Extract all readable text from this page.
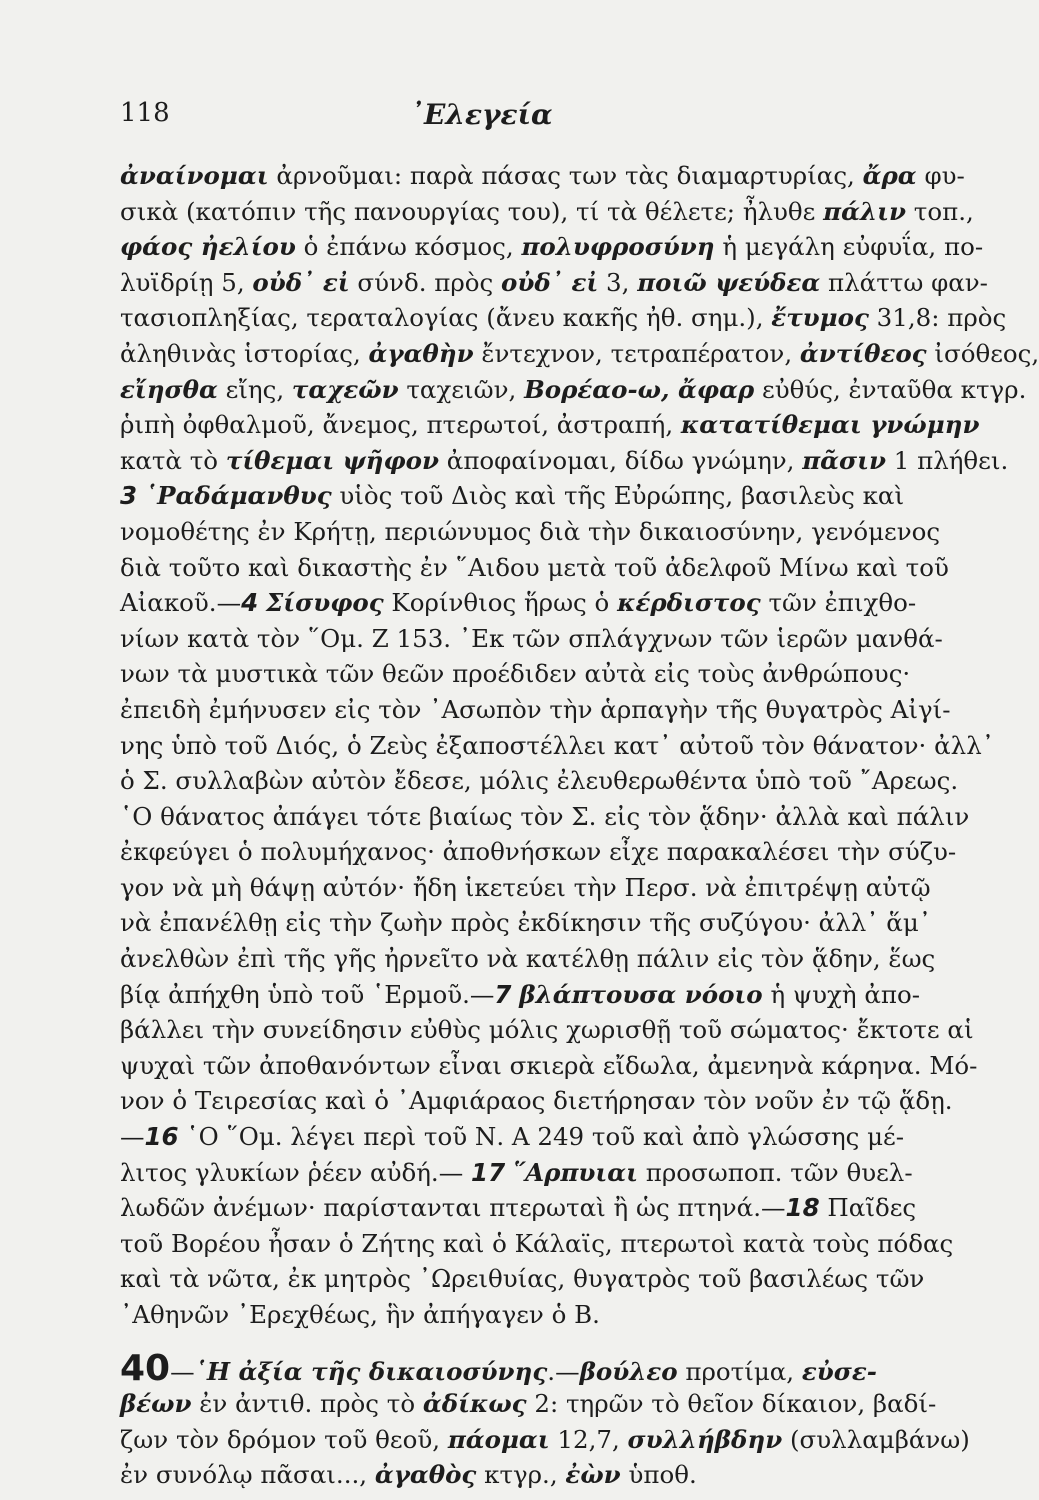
118	᾿Ελεγεία
ἀναίνομαι ἀρνοῦμαι: παρὰ πάσας των τὰς διαμαρτυρίας, ἄρα φυ-
σικὰ (κατόπιν τῆς πανουργίας του), τί τὰ θέλετε; ἦλυθε πάλιν τοπ.,
φάος ἠελίου ὁ ἐπάνω κόσμος, πολυφροσύνη ἡ μεγάλη εὐφυΐα, πο-
λυϊδρίῃ 5, οὐδ᾿ εἰ σύνδ. πρὸς οὐδ᾿ εἰ 3, ποιῶ ψεύδεα πλάττω φαν-
τασιοπληξίας, τεραταλογίας (ἄνευ κακῆς ἠθ. σημ.), ἔτυμος 31,8: πρὸς
ἀληθινὰς ἱστορίας, ἀγαθὴν ἔντεχνον, τετραπέρατον, ἀντίθεος ἰσόθεος,
εἴησθα εἴης, ταχεῶν ταχειῶν, Βορέαο-ω, ἄφαρ εὐθύς, ἐνταῦθα κτγρ.
ῥιπὴ ὀφθαλμοῦ, ἄνεμος, πτερωτοί, ἀστραπή, κατατίθεμαι γνώμην
κατὰ τὸ τίθεμαι ψῆφον ἀποφαίνομαι, δίδω γνώμην, πᾶσιν 1 πλήθει.
3 ῾Ραδάμανθυς υἱὸς τοῦ Διὸς καὶ τῆς Εὐρώπης, βασιλεὺς καὶ
νομοθέτης ἐν Κρήτῃ, περιώνυμος διὰ τὴν δικαιοσύνην, γενόμενος
διὰ τοῦτο καὶ δικαστὴς ἐν ῞Αιδου μετὰ τοῦ ἀδελφοῦ Μίνω καὶ τοῦ
Αἰακοῦ.—4 Σίσυφος Κορίνθιος ἥρως ὁ κέρδιστος τῶν ἐπιχθο-
νίων κατὰ τὸν ῞Ομ. Ζ 153. ᾿Εκ τῶν σπλάγχνων τῶν ἱερῶν μανθά-
νων τὰ μυστικὰ τῶν θεῶν προέδιδεν αὐτὰ εἰς τοὺς ἀνθρώπους·
ἐπειδὴ ἐμήνυσεν εἰς τὸν ᾿Ασωπὸν τὴν ἁρπαγὴν τῆς θυγατρὸς Αἰγί-
νης ὑπὸ τοῦ Διός, ὁ Ζεὺς ἐξαποστέλλει κατ᾿ αὐτοῦ τὸν θάνατον· ἀλλ᾿
ὁ Σ. συλλαβὼν αὐτὸν ἔδεσε, μόλις ἐλευθερωθέντα ὑπὸ τοῦ ῎Αρεως.
῾Ο θάνατος ἀπάγει τότε βιαίως τὸν Σ. εἰς τὸν ᾅδην· ἀλλὰ καὶ πάλιν
ἐκφεύγει ὁ πολυμήχανος· ἀποθνήσκων εἶχε παρακαλέσει τὴν σύζυ-
γον νὰ μὴ θάψῃ αὐτόν· ἤδη ἱκετεύει τὴν Περσ. νὰ ἐπιτρέψῃ αὐτῷ
νὰ ἐπανέλθῃ εἰς τὴν ζωὴν πρὸς ἐκδίκησιν τῆς συζύγου· ἀλλ᾿ ἅμ᾿
ἀνελθὼν ἐπὶ τῆς γῆς ἠρνεῖτο νὰ κατέλθῃ πάλιν εἰς τὸν ᾅδην, ἕως
βίᾳ ἀπήχθη ὑπὸ τοῦ ῾Ερμοῦ.—7 βλάπτουσα νόοιο ἡ ψυχὴ ἀπο-
βάλλει τὴν συνείδησιν εὐθὺς μόλις χωρισθῇ τοῦ σώματος· ἔκτοτε αἱ
ψυχαὶ τῶν ἀποθανόντων εἶναι σκιερὰ εἴδωλα, ἀμενηνὰ κάρηνα. Μό-
νον ὁ Τειρεσίας καὶ ὁ ᾿Αμφιάραος διετήρησαν τὸν νοῦν ἐν τῷ ᾅδῃ.
—16 ῾Ο ῞Ομ. λέγει περὶ τοῦ Ν. Α 249 τοῦ καὶ ἀπὸ γλώσσης μέ-
λιτος γλυκίων ῥέεν αὐδή.— 17 ῞Αρπυιαι προσωποπ. τῶν θυελ-
λωδῶν ἀνέμων· παρίστανται πτερωταὶ ἢ ὡς πτηνά.—18 Παῖδες
τοῦ Βορέου ἦσαν ὁ Ζήτης καὶ ὁ Κάλαϊς, πτερωτοὶ κατὰ τοὺς πόδας
καὶ τὰ νῶτα, ἐκ μητρὸς ᾿Ωρειθυίας, θυγατρὸς τοῦ βασιλέως τῶν
᾿Αθηνῶν ᾿Ερεχθέως, ἣν ἀπήγαγεν ὁ Β.
40—῾Η ἀξία τῆς δικαιοσύνης.—βούλεο προτίμα, εὐσε-
βέων ἐν ἀντιθ. πρὸς τὸ ἀδίκως 2: τηρῶν τὸ θεῖον δίκαιον, βαδί-
ζων τὸν δρόμον τοῦ θεοῦ, πάομαι 12,7, συλλήβδην (συλλαμβάνω)
ἐν συνόλῳ πᾶσαι..., ἀγαθὸς κτγρ., ἐὼν ὑποθ.
